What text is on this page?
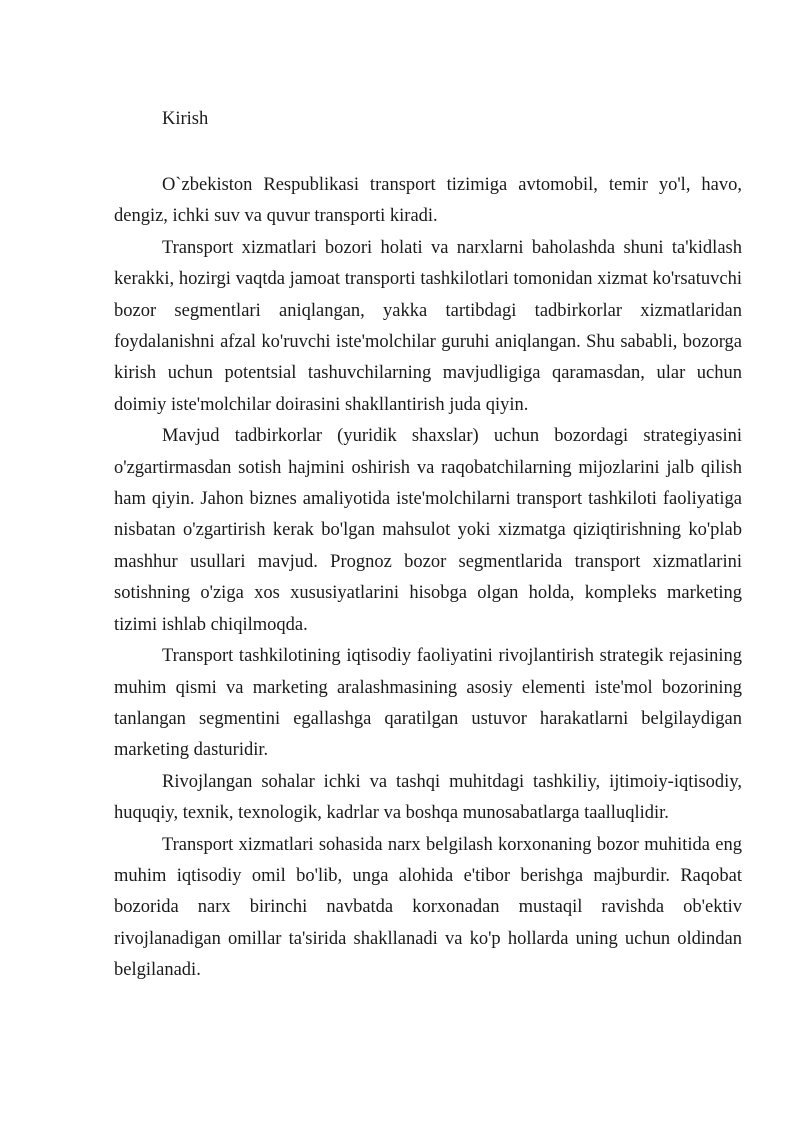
Kirish

O`zbekiston Respublikasi transport tizimiga avtomobil, temir yo'l, havo, dengiz, ichki suv va quvur transporti kiradi.

Transport xizmatlari bozori holati va narxlarni baholashda shuni ta'kidlash kerakki, hozirgi vaqtda jamoat transporti tashkilotlari tomonidan xizmat ko'rsatuvchi bozor segmentlari aniqlangan, yakka tartibdagi tadbirkorlar xizmatlaridan foydalanishni afzal ko'ruvchi iste'molchilar guruhi aniqlangan. Shu sababli, bozorga kirish uchun potentsial tashuvchilarning mavjudligiga qaramasdan, ular uchun doimiy iste'molchilar doirasini shakllantirish juda qiyin.

Mavjud tadbirkorlar (yuridik shaxslar) uchun bozordagi strategiyasini o'zgartirmasdan sotish hajmini oshirish va raqobatchilarning mijozlarini jalb qilish ham qiyin. Jahon biznes amaliyotida iste'molchilarni transport tashkiloti faoliyatiga nisbatan o'zgartirish kerak bo'lgan mahsulot yoki xizmatga qiziqtirishning ko'plab mashhur usullari mavjud. Prognoz bozor segmentlarida transport xizmatlarini sotishning o'ziga xos xususiyatlarini hisobga olgan holda, kompleks marketing tizimi ishlab chiqilmoqda.

Transport tashkilotining iqtisodiy faoliyatini rivojlantirish strategik rejasining muhim qismi va marketing aralashmasining asosiy elementi iste'mol bozorining tanlangan segmentini egallashga qaratilgan ustuvor harakatlarni belgilaydigan marketing dasturidir.

Rivojlangan sohalar ichki va tashqi muhitdagi tashkiliy, ijtimoiy-iqtisodiy, huquqiy, texnik, texnologik, kadrlar va boshqa munosabatlarga taalluqlidir.

Transport xizmatlari sohasida narx belgilash korxonaning bozor muhitida eng muhim iqtisodiy omil bo'lib, unga alohida e'tibor berishga majburdir. Raqobat bozorida narx birinchi navbatda korxonadan mustaqil ravishda ob'ektiv rivojlanadigan omillar ta'sirida shakllanadi va ko'p hollarda uning uchun oldindan belgilanadi.
